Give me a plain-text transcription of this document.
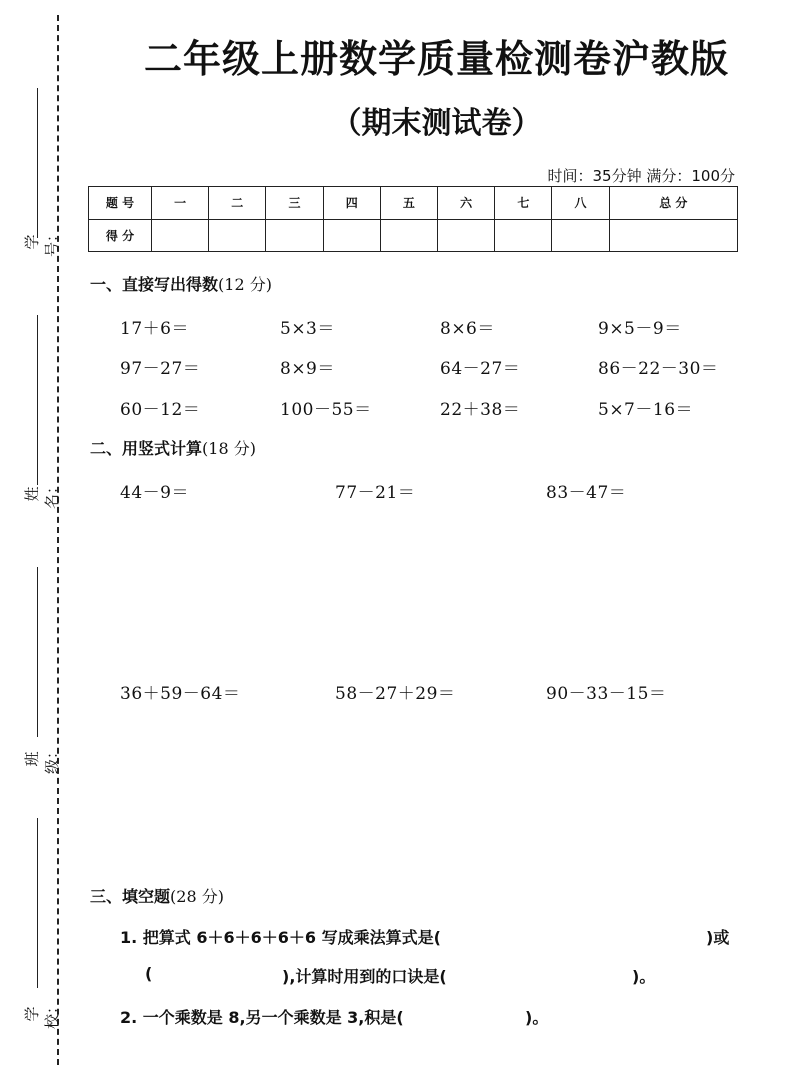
学号：
姓名：
班级：
学校：
二年级上册数学质量检测卷沪教版
（期末测试卷）
时间：35分钟 满分：100分
题 号	一	二	三	四	五	六	七	八	总 分
得 分									
一、直接写出得数(12 分)
17＋6＝	5×3＝	8×6＝	9×5－9＝
97－27＝	8×9＝	64－27＝	86－22－30＝
60－12＝	100－55＝	22＋38＝	5×7－16＝
二、用竖式计算(18 分)
44－9＝	77－21＝	83－47＝
36＋59－64＝	58－27＋29＝	90－33－15＝
三、填空题(28 分)
1. 把算式 6＋6＋6＋6＋6 写成乘法算式是(	)或
(	),计算时用到的口诀是(	)。
2. 一个乘数是 8,另一个乘数是 3,积是(	)。
